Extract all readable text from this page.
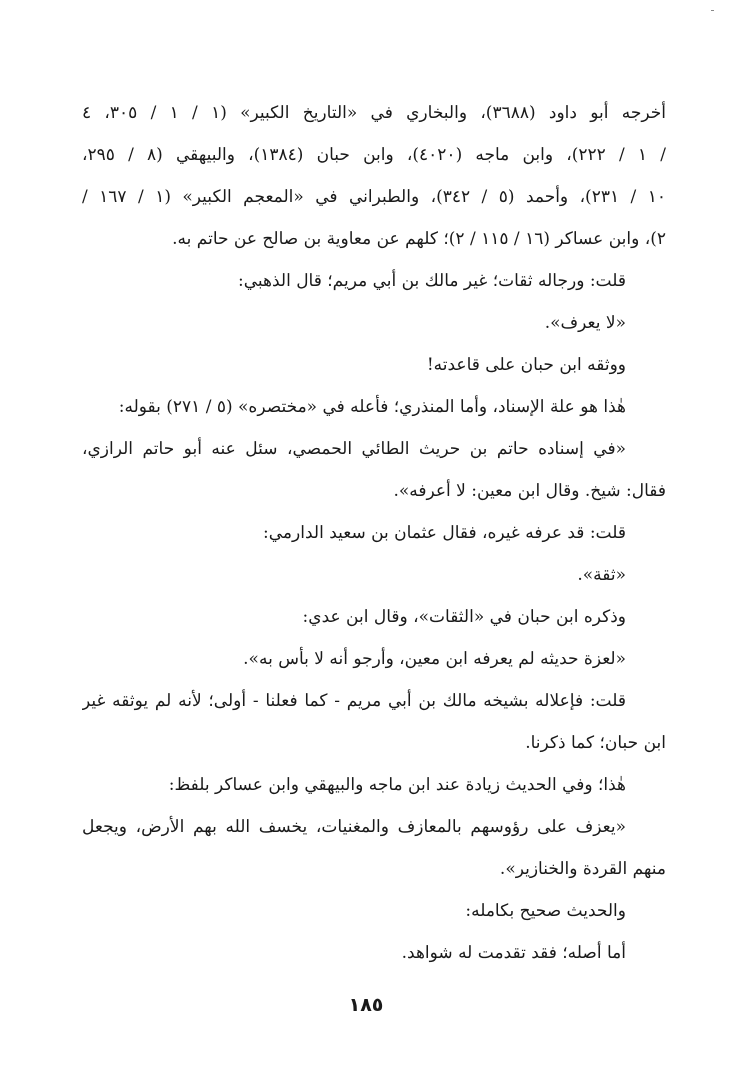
أخرجه أبو داود (٣٦٨٨)، والبخاري في «التاريخ الكبير» (١ / ١ / ٣٠٥، ٤
/ ١ / ٢٢٢)، وابن ماجه (٤٠٢٠)، وابن حبان (١٣٨٤)، والبيهقي (٨ / ٢٩٥،
١٠ / ٢٣١)، وأحمد (٥ / ٣٤٢)، والطبراني في «المعجم الكبير» (١ / ١٦٧ /
٢)، وابن عساكر (١٦ / ١١٥ / ٢)؛ كلهم عن معاوية بن صالح عن حاتم به.
قلت: ورجاله ثقات؛ غير مالك بن أبي مريم؛ قال الذهبي:
«لا يعرف».
ووثقه ابن حبان على قاعدته!
هٰذا هو علة الإسناد، وأما المنذري؛ فأعله في «مختصره» (٥ / ٢٧١) بقوله:
«في إسناده حاتم بن حريث الطائي الحمصي، سئل عنه أبو حاتم الرازي،
فقال: شيخ. وقال ابن معين: لا أعرفه».
قلت: قد عرفه غيره، فقال عثمان بن سعيد الدارمي:
«ثقة».
وذكره ابن حبان في «الثقات»، وقال ابن عدي:
«لعزة حديثه لم يعرفه ابن معين، وأرجو أنه لا بأس به».
قلت: فإعلاله بشيخه مالك بن أبي مريم - كما فعلنا - أولى؛ لأنه لم يوثقه غير
ابن حبان؛ كما ذكرنا.
هٰذا؛ وفي الحديث زيادة عند ابن ماجه والبيهقي وابن عساكر بلفظ:
«يعزف على رؤوسهم بالمعازف والمغنيات، يخسف الله بهم الأرض، ويجعل
منهم القردة والخنازير».
والحديث صحيح بكامله:
أما أصله؛ فقد تقدمت له شواهد.
١٨٥
